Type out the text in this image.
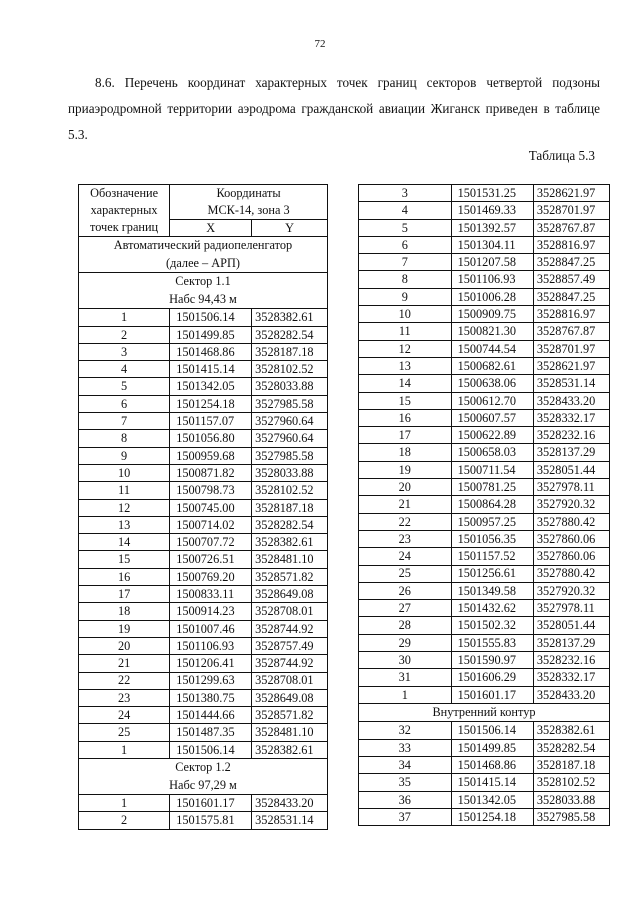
72

8.6. Перечень координат характерных точек границ секторов четвертой подзоны приаэродромной территории аэродрома гражданской авиации Жиганск приведен в таблице 5.3.

Таблица 5.3
Обозначение
характерных
точек границ	Координаты
МСК-14, зона 3	
	X	Y
Автоматический радиопеленгатор
(далее – АРП)		
Сектор 1.1
Набс 94,43 м		
1	1501506.14	3528382.61
2	1501499.85	3528282.54
3	1501468.86	3528187.18
4	1501415.14	3528102.52
5	1501342.05	3528033.88
6	1501254.18	3527985.58
7	1501157.07	3527960.64
8	1501056.80	3527960.64
9	1500959.68	3527985.58
10	1500871.82	3528033.88
11	1500798.73	3528102.52
12	1500745.00	3528187.18
13	1500714.02	3528282.54
14	1500707.72	3528382.61
15	1500726.51	3528481.10
16	1500769.20	3528571.82
17	1500833.11	3528649.08
18	1500914.23	3528708.01
19	1501007.46	3528744.92
20	1501106.93	3528757.49
21	1501206.41	3528744.92
22	1501299.63	3528708.01
23	1501380.75	3528649.08
24	1501444.66	3528571.82
25	1501487.35	3528481.10
1	1501506.14	3528382.61
Сектор 1.2
Набс 97,29 м		
1	1501601.17	3528433.20
2	1501575.81	3528531.14
3	1501531.25	3528621.97
4	1501469.33	3528701.97
5	1501392.57	3528767.87
6	1501304.11	3528816.97
7	1501207.58	3528847.25
8	1501106.93	3528857.49
9	1501006.28	3528847.25
10	1500909.75	3528816.97
11	1500821.30	3528767.87
12	1500744.54	3528701.97
13	1500682.61	3528621.97
14	1500638.06	3528531.14
15	1500612.70	3528433.20
16	1500607.57	3528332.17
17	1500622.89	3528232.16
18	1500658.03	3528137.29
19	1500711.54	3528051.44
20	1500781.25	3527978.11
21	1500864.28	3527920.32
22	1500957.25	3527880.42
23	1501056.35	3527860.06
24	1501157.52	3527860.06
25	1501256.61	3527880.42
26	1501349.58	3527920.32
27	1501432.62	3527978.11
28	1501502.32	3528051.44
29	1501555.83	3528137.29
30	1501590.97	3528232.16
31	1501606.29	3528332.17
1	1501601.17	3528433.20
Внутренний контур		
32	1501506.14	3528382.61
33	1501499.85	3528282.54
34	1501468.86	3528187.18
35	1501415.14	3528102.52
36	1501342.05	3528033.88
37	1501254.18	3527985.58
